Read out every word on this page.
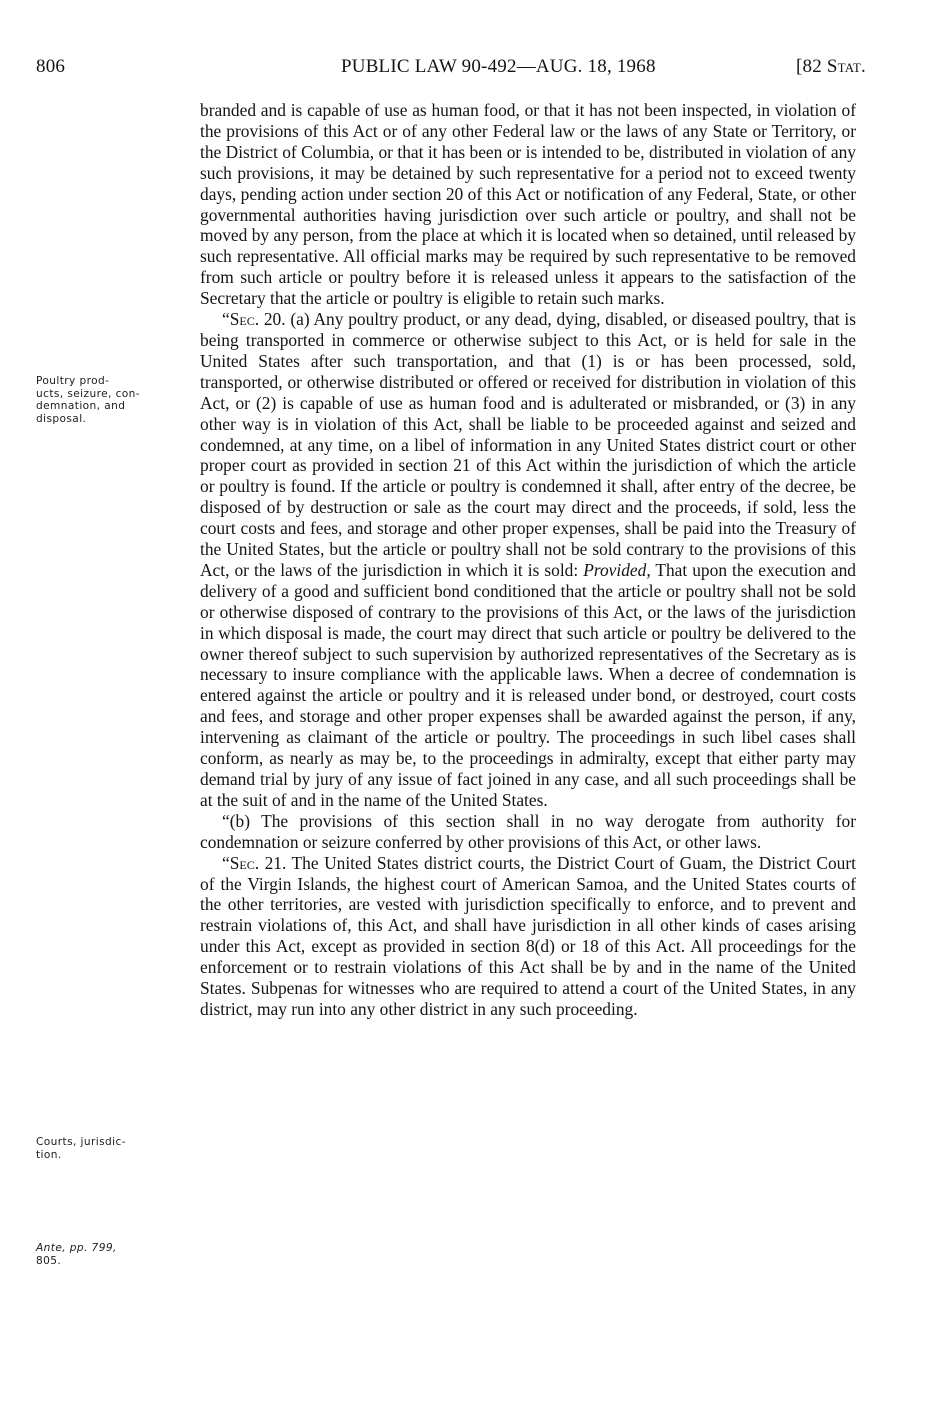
806	PUBLIC LAW 90-492—AUG. 18, 1968	[82 Stat.
Poultry prod-
ucts, seizure, con-
demnation, and
disposal.
Courts, jurisdic-
tion.
Ante, pp. 799,
805.

branded and is capable of use as human food, or that it has not been inspected, in violation of the provisions of this Act or of any other Federal law or the laws of any State or Territory, or the District of Columbia, or that it has been or is intended to be, distributed in violation of any such provisions, it may be detained by such representative for a period not to exceed twenty days, pending action under section 20 of this Act or notification of any Federal, State, or other governmental authorities having jurisdiction over such article or poultry, and shall not be moved by any person, from the place at which it is located when so detained, until released by such representative. All official marks may be required by such representative to be removed from such article or poultry before it is released unless it appears to the satisfaction of the Secretary that the article or poultry is eligible to retain such marks.

“Sec. 20. (a) Any poultry product, or any dead, dying, disabled, or diseased poultry, that is being transported in commerce or otherwise subject to this Act, or is held for sale in the United States after such transportation, and that (1) is or has been processed, sold, transported, or otherwise distributed or offered or received for distribution in violation of this Act, or (2) is capable of use as human food and is adulterated or misbranded, or (3) in any other way is in violation of this Act, shall be liable to be proceeded against and seized and condemned, at any time, on a libel of information in any United States district court or other proper court as provided in section 21 of this Act within the jurisdiction of which the article or poultry is found. If the article or poultry is condemned it shall, after entry of the decree, be disposed of by destruction or sale as the court may direct and the proceeds, if sold, less the court costs and fees, and storage and other proper expenses, shall be paid into the Treasury of the United States, but the article or poultry shall not be sold contrary to the provisions of this Act, or the laws of the jurisdiction in which it is sold: Provided, That upon the execution and delivery of a good and sufficient bond conditioned that the article or poultry shall not be sold or otherwise disposed of contrary to the provisions of this Act, or the laws of the jurisdiction in which disposal is made, the court may direct that such article or poultry be delivered to the owner thereof subject to such supervision by authorized representatives of the Secretary as is necessary to insure compliance with the applicable laws. When a decree of condemnation is entered against the article or poultry and it is released under bond, or destroyed, court costs and fees, and storage and other proper expenses shall be awarded against the person, if any, intervening as claimant of the article or poultry. The proceedings in such libel cases shall conform, as nearly as may be, to the proceedings in admiralty, except that either party may demand trial by jury of any issue of fact joined in any case, and all such proceedings shall be at the suit of and in the name of the United States.

“(b) The provisions of this section shall in no way derogate from authority for condemnation or seizure conferred by other provisions of this Act, or other laws.

“Sec. 21. The United States district courts, the District Court of Guam, the District Court of the Virgin Islands, the highest court of American Samoa, and the United States courts of the other territories, are vested with jurisdiction specifically to enforce, and to prevent and restrain violations of, this Act, and shall have jurisdiction in all other kinds of cases arising under this Act, except as provided in section 8(d) or 18 of this Act. All proceedings for the enforcement or to restrain violations of this Act shall be by and in the name of the United States. Subpenas for witnesses who are required to attend a court of the United States, in any district, may run into any other district in any such proceeding.
